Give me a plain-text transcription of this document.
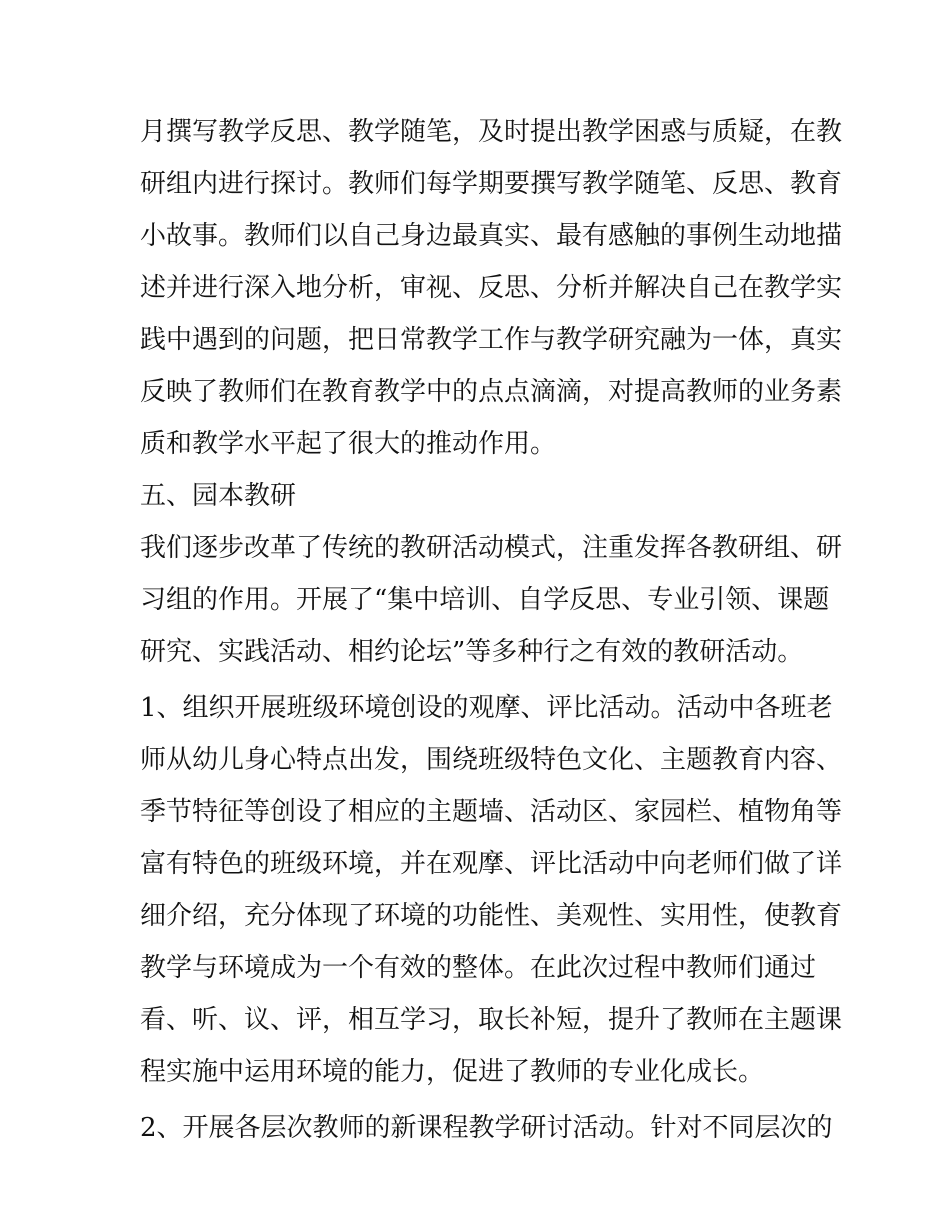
月撰写教学反思、教学随笔，及时提出教学困惑与质疑，在教
研组内进行探讨。教师们每学期要撰写教学随笔、反思、教育
小故事。教师们以自己身边最真实、最有感触的事例生动地描
述并进行深入地分析，审视、反思、分析并解决自己在教学实
践中遇到的问题，把日常教学工作与教学研究融为一体，真实
反映了教师们在教育教学中的点点滴滴，对提高教师的业务素
质和教学水平起了很大的推动作用。
五、园本教研
我们逐步改革了传统的教研活动模式，注重发挥各教研组、研
习组的作用。开展了“集中培训、自学反思、专业引领、课题
研究、实践活动、相约论坛”等多种行之有效的教研活动。
1、组织开展班级环境创设的观摩、评比活动。活动中各班老
师从幼儿身心特点出发，围绕班级特色文化、主题教育内容、
季节特征等创设了相应的主题墙、活动区、家园栏、植物角等
富有特色的班级环境，并在观摩、评比活动中向老师们做了详
细介绍，充分体现了环境的功能性、美观性、实用性，使教育
教学与环境成为一个有效的整体。在此次过程中教师们通过
看、听、议、评，相互学习，取长补短，提升了教师在主题课
程实施中运用环境的能力，促进了教师的专业化成长。
2、开展各层次教师的新课程教学研讨活动。针对不同层次的
